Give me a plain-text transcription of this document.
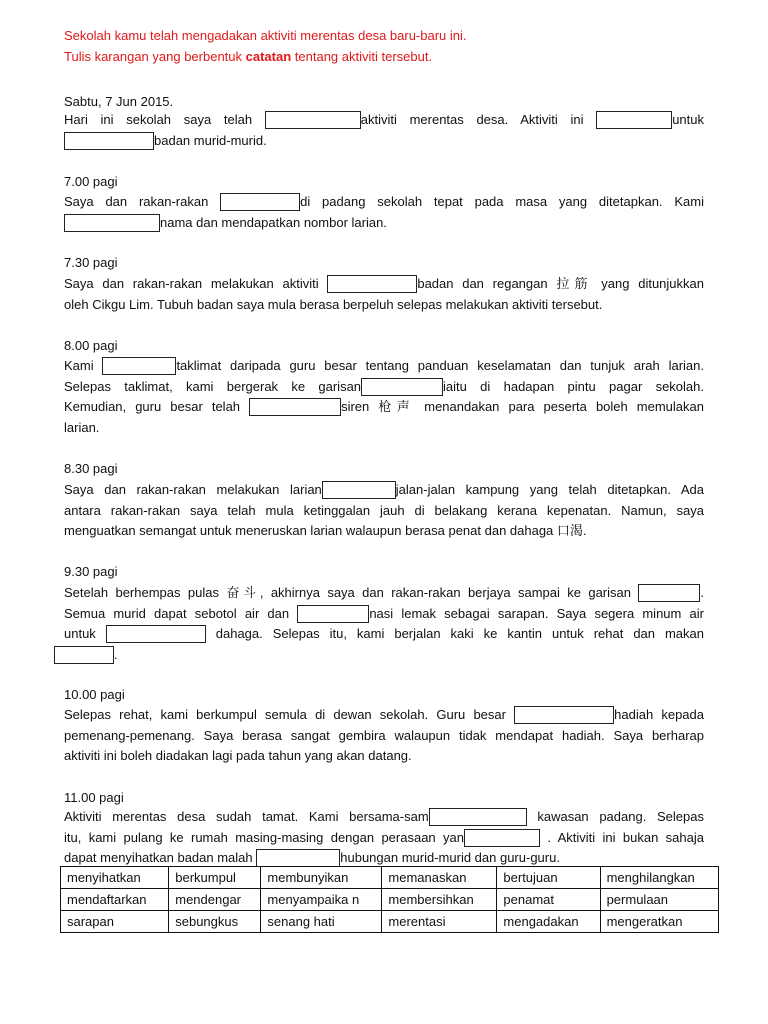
Sekolah kamu telah mengadakan aktiviti merentas desa baru-baru ini.
Tulis karangan yang berbentuk catatan tentang aktiviti tersebut.
Sabtu, 7 Jun 2015.
Hari ini sekolah saya telah	aktiviti merentas desa. Aktiviti ini	untuk
badan murid-murid.
7.00 pagi
Saya dan rakan-rakan	di padang sekolah tepat pada masa yang ditetapkan. Kami
nama dan mendapatkan nombor larian.
7.30 pagi
Saya dan rakan-rakan melakukan aktiviti	badan dan regangan 拉筋 yang ditunjukkan
oleh Cikgu Lim. Tubuh badan saya mula berasa berpeluh selepas melakukan aktiviti tersebut.
8.00 pagi
Kami	taklimat daripada guru besar tentang panduan keselamatan dan tunjuk arah larian.
Selepas taklimat, kami bergerak ke garisan	iaitu di hadapan pintu pagar sekolah.
Kemudian, guru besar telah	siren 枪声 menandakan para peserta boleh memulakan
larian.
8.30 pagi
Saya dan rakan-rakan melakukan larian	jalan-jalan kampung yang telah ditetapkan. Ada
antara rakan-rakan saya telah mula ketinggalan jauh di belakang kerana kepenatan. Namun, saya
menguatkan semangat untuk meneruskan larian walaupun berasa penat dan dahaga 口渴.
9.30 pagi
Setelah berhempas pulas 奋斗, akhirnya saya dan rakan-rakan berjaya sampai ke garisan	.
Semua murid dapat sebotol air dan	nasi lemak sebagai sarapan. Saya segera minum air
untuk	dahaga. Selepas itu, kami berjalan kaki ke kantin untuk rehat dan makan
.
10.00 pagi
Selepas rehat, kami berkumpul semula di dewan sekolah. Guru besar	hadiah kepada
pemenang-pemenang. Saya berasa sangat gembira walaupun tidak mendapat hadiah. Saya berharap
aktiviti ini boleh diadakan lagi pada tahun yang akan datang.
11.00 pagi
Aktiviti merentas desa sudah tamat. Kami bersama-sam	kawasan padang. Selepas
itu, kami pulang ke rumah masing-masing dengan perasaan yan	. Aktiviti ini bukan sahaja
dapat menyihatkan badan malah	hubungan murid-murid dan guru-guru.
menyihatkan	berkumpul	membunyikan	memanaskan	bertujuan	menghilangkan
mendaftarkan	mendengar	menyampaika n	membersihkan	penamat	permulaan
sarapan	sebungkus	senang hati	merentasi	mengadakan	mengeratkan
